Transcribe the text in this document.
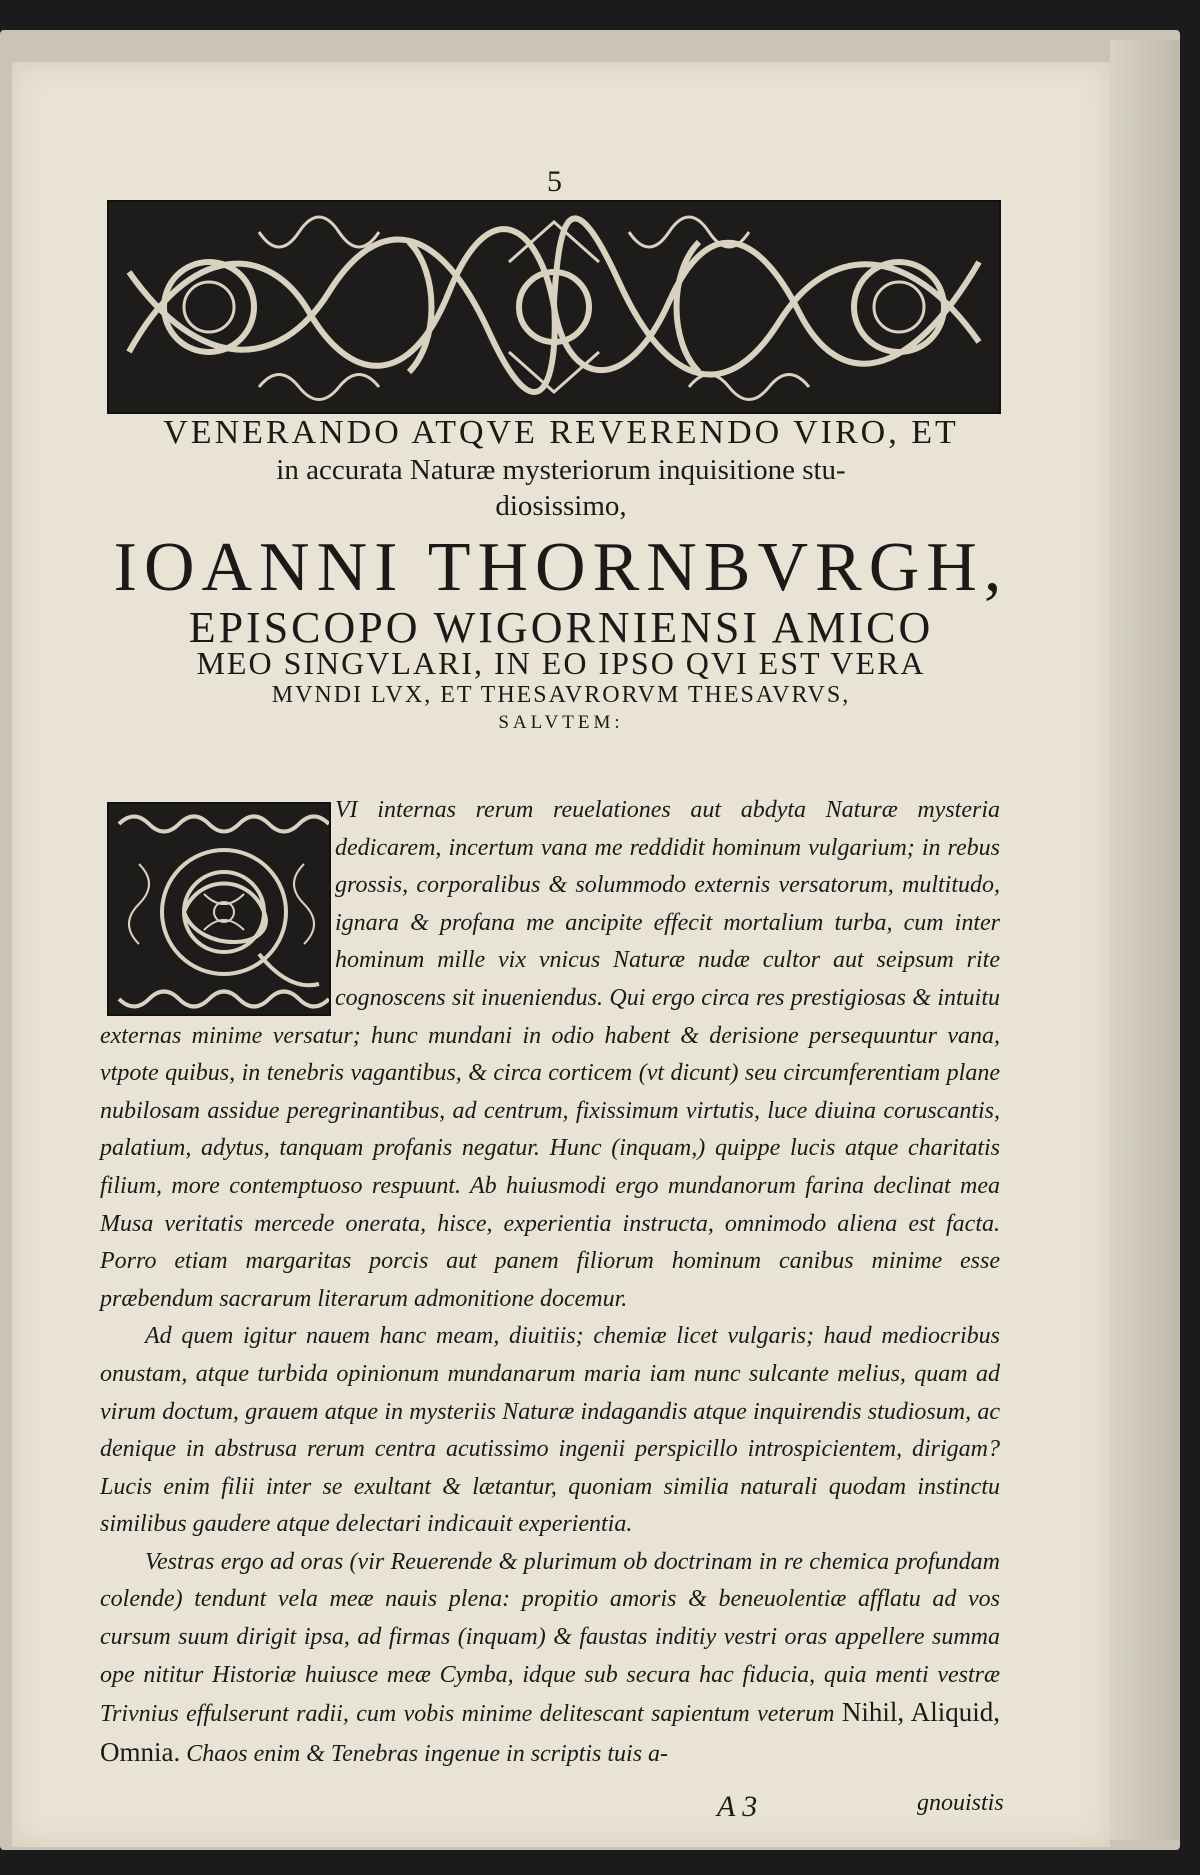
5
VENERANDO ATQVE REVERENDO VIRO, ET
in accurata Naturæ mysteriorum inquisitione stu-
diosissimo,
IOANNI THORNBVRGH,
EPISCOPO WIGORNIENSI AMICO
MEO SINGVLARI, IN EO IPSO QVI EST VERA
MVNDI LVX, ET THESAVRORVM THESAVRVS,
SALVTEM:

VI internas rerum reuelationes aut abdyta Naturæ mysteria dedicarem, incertum vana me reddidit hominum vulgarium; in rebus grossis, corporalibus & solummodo externis versatorum, multitudo, ignara & profana me ancipite effecit mortalium turba, cum inter hominum mille vix vnicus Naturæ nudæ cultor aut seipsum rite cognoscens sit inueniendus. Qui ergo circa res prestigiosas & intuitu externas minime versatur; hunc mundani in odio habent & derisione persequuntur vana, vtpote quibus, in tenebris vagantibus, & circa corticem (vt dicunt) seu circumferentiam plane nubilosam assidue peregrinantibus, ad centrum, fixissimum virtutis, luce diuina coruscantis, palatium, adytus, tanquam profanis negatur. Hunc (inquam,) quippe lucis atque charitatis filium, more contemptuoso respuunt. Ab huiusmodi ergo mundanorum farina declinat mea Musa veritatis mercede onerata, hisce, experientia instructa, omnimodo aliena est facta. Porro etiam margaritas porcis aut panem filiorum hominum canibus minime esse præbendum sacrarum literarum admonitione docemur.

Ad quem igitur nauem hanc meam, diuitiis; chemiæ licet vulgaris; haud mediocribus onustam, atque turbida opinionum mundanarum maria iam nunc sulcante melius, quam ad virum doctum, grauem atque in mysteriis Naturæ indagandis atque inquirendis studiosum, ac denique in abstrusa rerum centra acutissimo ingenii perspicillo introspicientem, dirigam? Lucis enim filii inter se exultant & lætantur, quoniam similia naturali quodam instinctu similibus gaudere atque delectari indicauit experientia.

Vestras ergo ad oras (vir Reuerende & plurimum ob doctrinam in re chemica profundam colende) tendunt vela meæ nauis plena: propitio amoris & beneuolentiæ afflatu ad vos cursum suum dirigit ipsa, ad firmas (inquam) & faustas inditiy vestri oras appellere summa ope nititur Historiæ huiusce meæ Cymba, idque sub secura hac fiducia, quia menti vestræ Trivnius effulserunt radii, cum vobis minime delitescant sapientum veterum Nihil, Aliquid, Omnia. Chaos enim & Tenebras ingenue in scriptis tuis a-

A 3	gnouistis
